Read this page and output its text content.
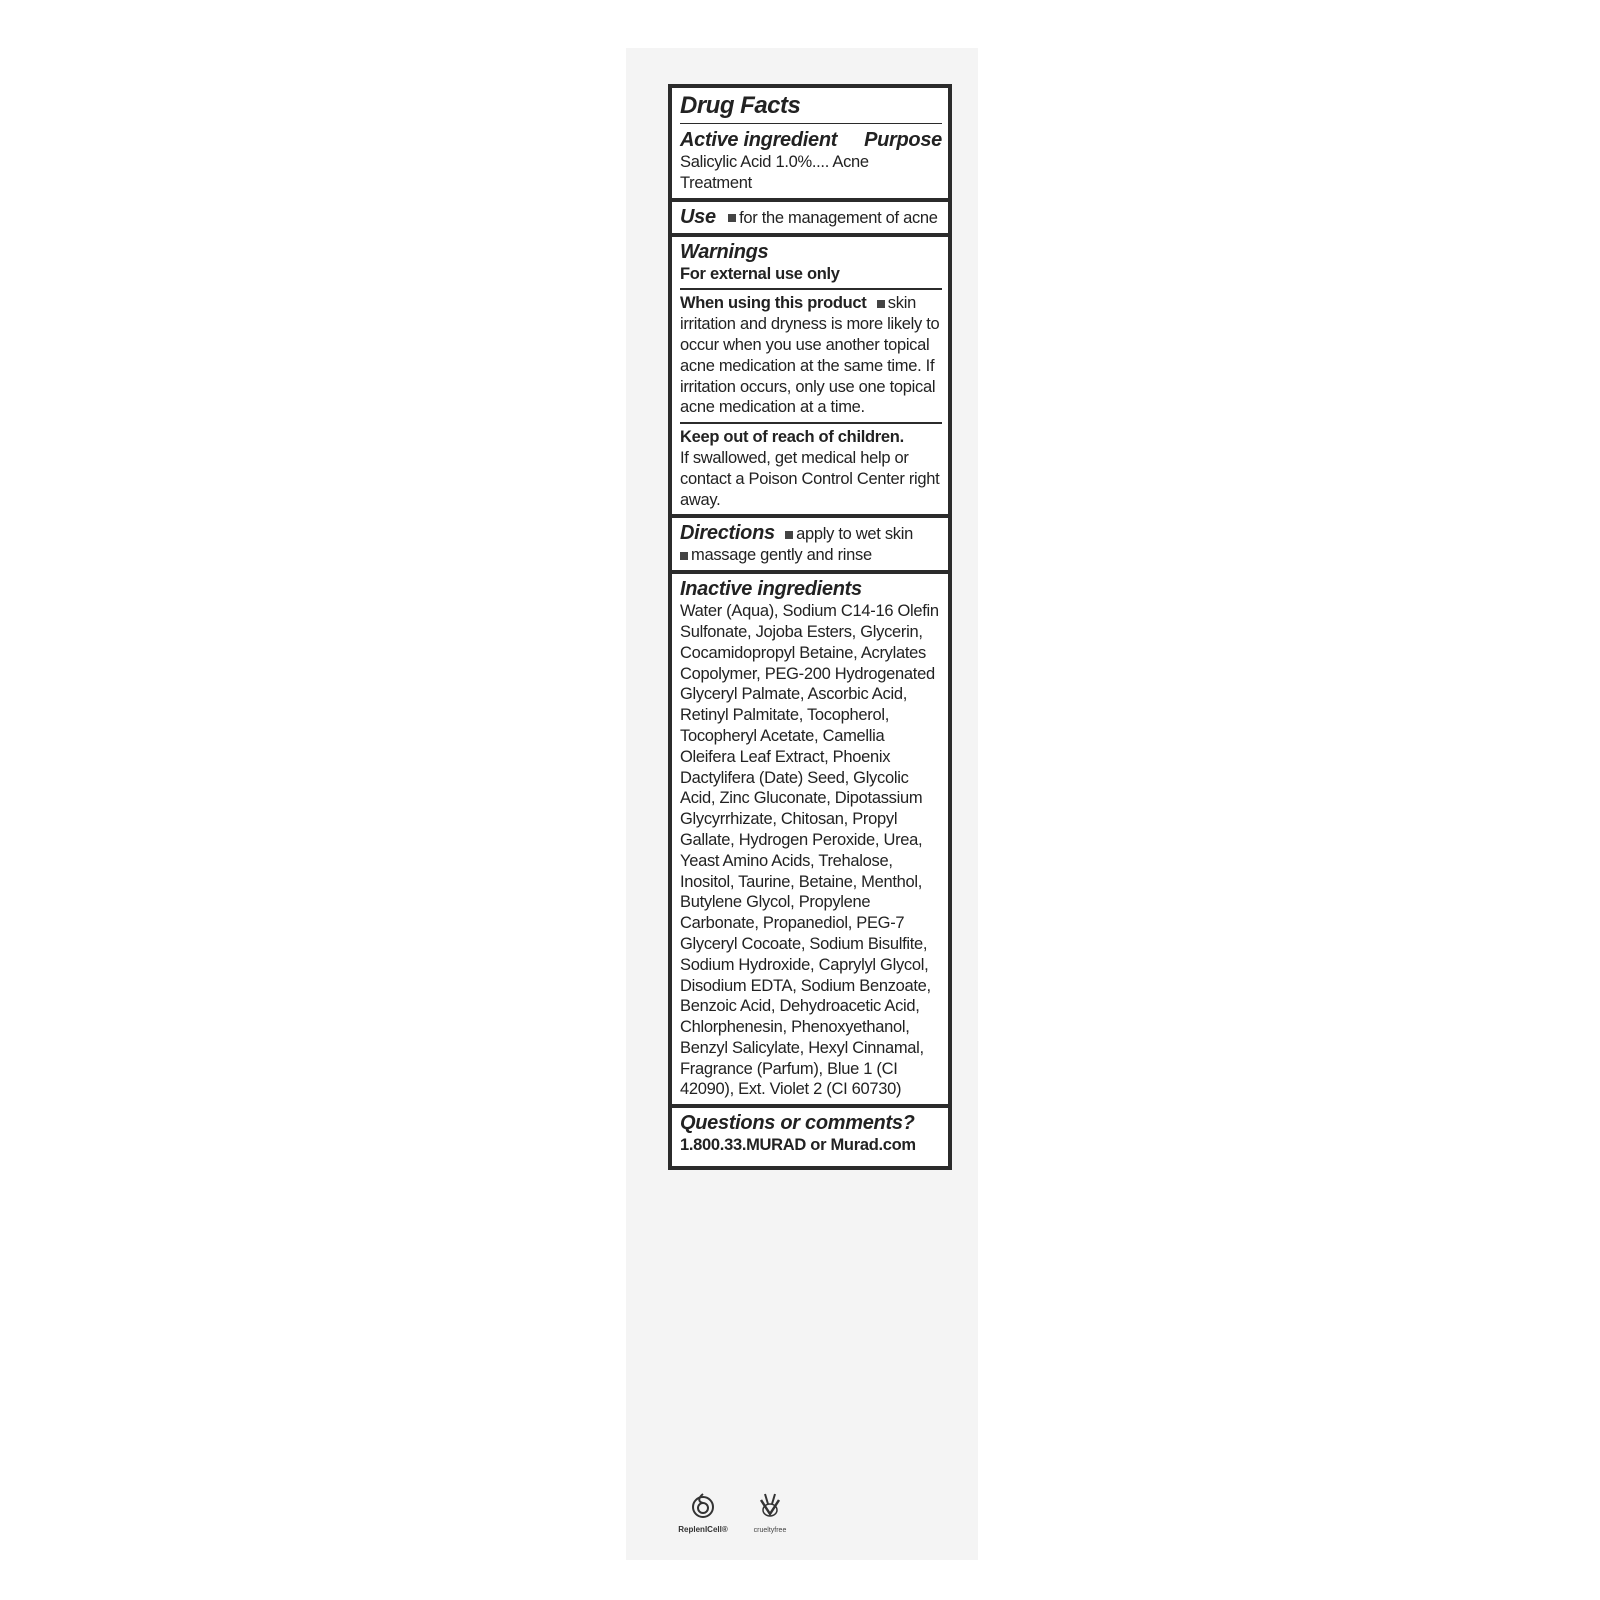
Drug Facts
Active ingredient Purpose
Salicylic Acid 1.0%.... Acne Treatment
Use for the management of acne
Warnings
For external use only
When using this product skin irritation and dryness is more likely to occur when you use another topical acne medication at the same time. If irritation occurs, only use one topical acne medication at a time.
Keep out of reach of children.
If swallowed, get medical help or contact a Poison Control Center right away.
Directions apply to wet skin
massage gently and rinse
Inactive ingredients
Water (Aqua), Sodium C14-16 Olefin Sulfonate, Jojoba Esters, Glycerin, Cocamidopropyl Betaine, Acrylates Copolymer, PEG-200 Hydrogenated Glyceryl Palmate, Ascorbic Acid, Retinyl Palmitate, Tocopherol, Tocopheryl Acetate, Camellia Oleifera Leaf Extract, Phoenix Dactylifera (Date) Seed, Glycolic Acid, Zinc Gluconate, Dipotassium Glycyrrhizate, Chitosan, Propyl Gallate, Hydrogen Peroxide, Urea, Yeast Amino Acids, Trehalose, Inositol, Taurine, Betaine, Menthol, Butylene Glycol, Propylene Carbonate, Propanediol, PEG-7 Glyceryl Cocoate, Sodium Bisulfite, Sodium Hydroxide, Caprylyl Glycol, Disodium EDTA, Sodium Benzoate, Benzoic Acid, Dehydroacetic Acid, Chlorphenesin, Phenoxyethanol, Benzyl Salicylate, Hexyl Cinnamal, Fragrance (Parfum), Blue 1 (CI 42090), Ext. Violet 2 (CI 60730)
Questions or comments?
1.800.33.MURAD or Murad.com
ReplenICell®	crueltyfree
